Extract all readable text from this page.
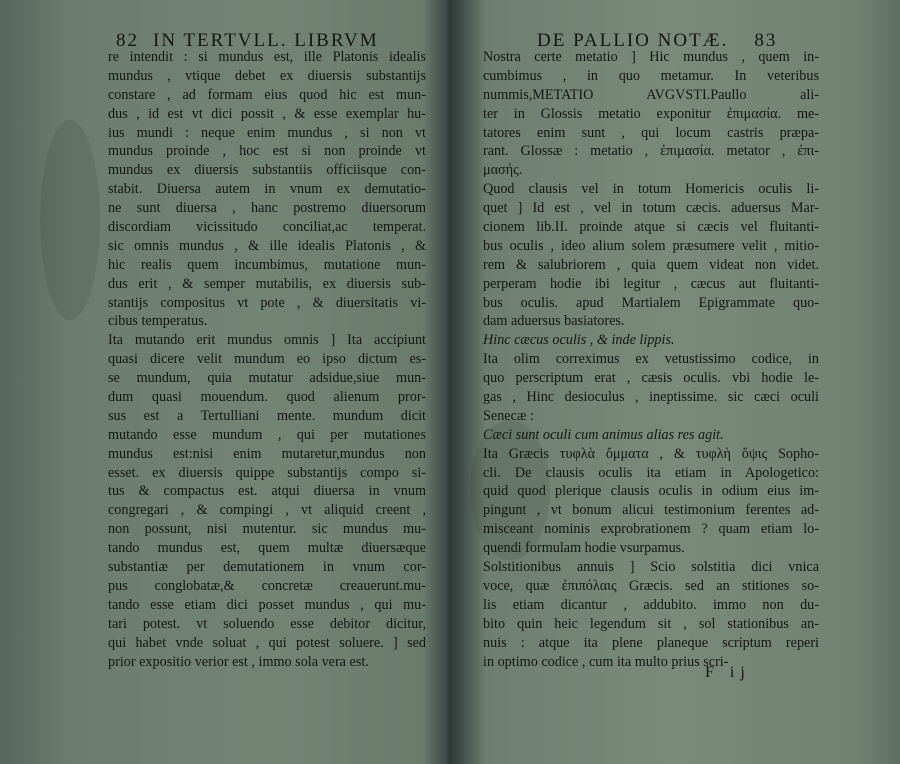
82 IN TERTVLL. LIBRVM
re intendit : si mundus est, ille Platonis idealis
mundus , vtique debet ex diuersis substantijs
constare , ad formam eius quod hic est mun-
dus , id est vt dici possit , & esse exemplar hu-
ius mundi : neque enim mundus , si non vt
mundus proinde , hoc est si non proinde vt
mundus ex diuersis substantiis officiisque con-
stabit. Diuersa autem in vnum ex demutatio-
ne sunt diuersa , hanc postremo diuersorum
discordiam vicissitudo conciliat,ac temperat.
sic omnis mundus , & ille idealis Platonis , &
hic realis quem incumbimus, mutatione mun-
dus erit , & semper mutabilis, ex diuersis sub-
stantijs compositus vt pote , & diuersitatis vi-
cibus temperatus.
Ita mutando erit mundus omnis ] Ita accipiunt
quasi dicere velit mundum eo ipso dictum es-
se mundum, quia mutatur adsidue,siue mun-
dum quasi mouendum. quod alienum pror-
sus est a Tertulliani mente. mundum dicit
mutando esse mundum , qui per mutationes
mundus est:nisi enim mutaretur,mundus non
esset. ex diuersis quippe substantijs compo si-
tus & compactus est. atqui diuersa in vnum
congregari , & compingi , vt aliquid creent ,
non possunt, nisi mutentur. sic mundus mu-
tando mundus est, quem multæ diuersæque
substantiæ per demutationem in vnum cor-
pus conglobatæ,& concretæ creauerunt.mu-
tando esse etiam dici posset mundus , qui mu-
tari potest. vt soluendo esse debitor dicitur,
qui habet vnde soluat , qui potest soluere. ] sed
prior expositio verior est , immo sola vera est.
DE PALLIO NOTÆ. 83
Nostra certe metatio ] Hic mundus , quem in-
cumbimus , in quo metamur. In veteribus
nummis,METATIO AVGVSTI.Paullo ali-
ter in Glossis metatio exponitur ἐπιμασία. me-
tatores enim sunt , qui locum castris præpa-
rant. Glossæ : metatio , ἐπιμασία. metator , ἐπι-
μασής.
Quod clausis vel in totum Homericis oculis li-
quet ] Id est , vel in totum cæcis. aduersus Mar-
cionem lib.II. proinde atque si cæcis vel fluitanti-
bus oculis , ideo alium solem præsumere velit , mitio-
rem & salubriorem , quia quem videat non videt.
perperam hodie ibi legitur , cæcus aut fluitanti-
bus oculis. apud Martialem Epigrammate quo-
dam aduersus basiatores.
Hinc cæcus oculis , & inde lippis.
Ita olim correximus ex vetustissimo codice, in
quo perscriptum erat , cæsis oculis. vbi hodie le-
gas , Hinc desioculus , ineptissime. sic cæci oculi
Senecæ :
Cæci sunt oculi cum animus alias res agit.
Ita Græcis τυφλὰ ὄμματα , & τυφλὴ ὄψις Sopho-
cli. De clausis oculis ita etiam in Apologetico:
quid quod plerique clausis oculis in odium eius im-
pingunt , vt bonum alicui testimonium ferentes ad-
misceant nominis exprobrationem ? quam etiam lo-
quendi formulam hodie vsurpamus.
Solstitionibus annuis ] Scio solstitia dici vnica
voce, quæ ἐπιπόλαις Græcis. sed an stitiones so-
lis etiam dicantur , addubito. immo non du-
bito quin heic legendum sit , sol stationibus an-
nuis : atque ita plene planeque scriptum reperi
in optimo codice , cum ita multo prius scri-
F ij
